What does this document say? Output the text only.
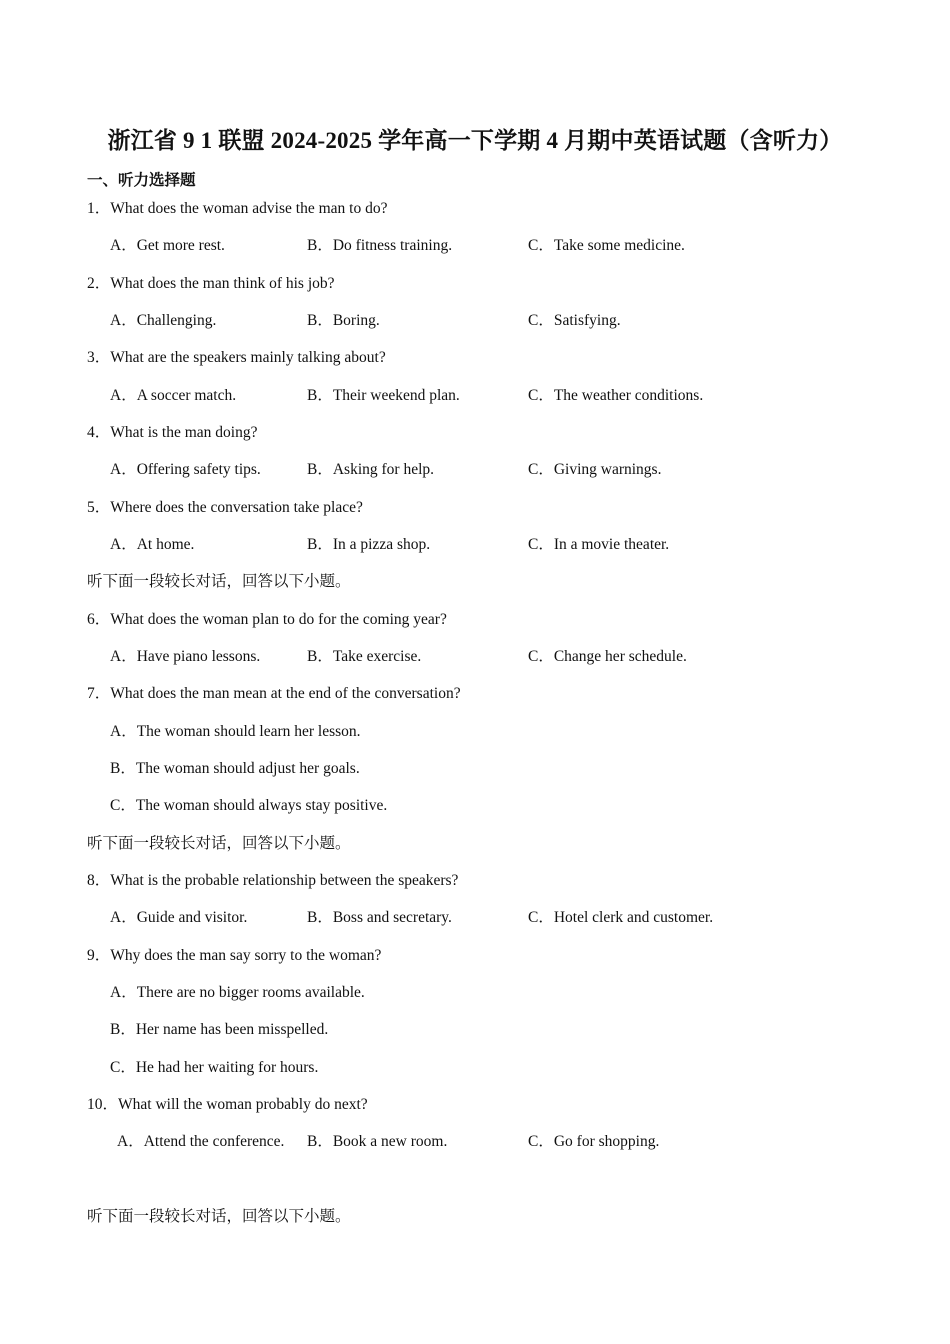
浙江省 9 1 联盟 2024-2025 学年高一下学期 4 月期中英语试题（含听力）
一、听力选择题
1．What does the woman advise the man to do?
A．Get more rest.	B．Do fitness training.	C．Take some medicine.
2．What does the man think of his job?
A．Challenging.	B．Boring.	C．Satisfying.
3．What are the speakers mainly talking about?
A．A soccer match.	B．Their weekend plan.	C．The weather conditions.
4．What is the man doing?
A．Offering safety tips.	B．Asking for help.	C．Giving warnings.
5．Where does the conversation take place?
A．At home.	B．In a pizza shop.	C．In a movie theater.
听下面一段较长对话，回答以下小题。
6．What does the woman plan to do for the coming year?
A．Have piano lessons.	B．Take exercise.	C．Change her schedule.
7．What does the man mean at the end of the conversation?
A．The woman should learn her lesson.
B．The woman should adjust her goals.
C．The woman should always stay positive.
听下面一段较长对话，回答以下小题。
8．What is the probable relationship between the speakers?
A．Guide and visitor.	B．Boss and secretary.	C．Hotel clerk and customer.
9．Why does the man say sorry to the woman?
A．There are no bigger rooms available.
B．Her name has been misspelled.
C．He had her waiting for hours.
10．What will the woman probably do next?
A．Attend the conference. B．Book a new room.	C．Go for shopping.
听下面一段较长对话，回答以下小题。
